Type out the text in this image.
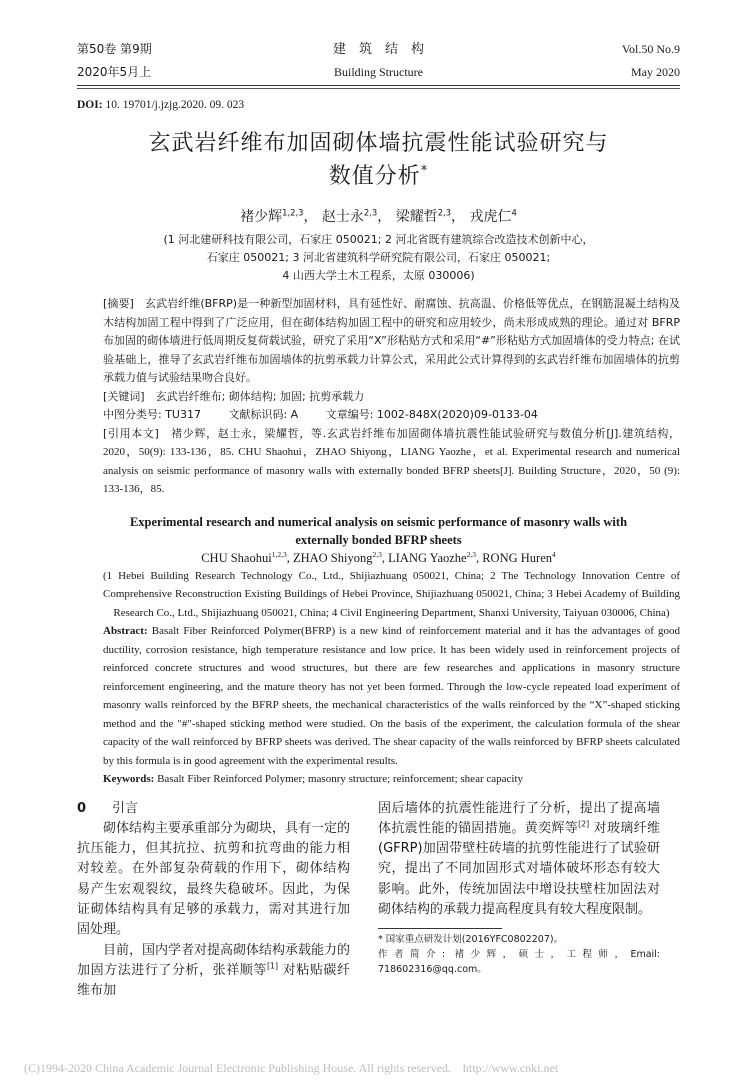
第50卷 第9期	建　筑　结　构	Vol.50 No.9
2020年5月上	Building Structure	May 2020
DOI: 10. 19701/j.jzjg.2020. 09. 023
玄武岩纤维布加固砌体墙抗震性能试验研究与
数值分析*
褚少辉$^{1,2,3}$， 赵士永$^{2,3}$， 梁耀哲$^{2,3}$， 戎虎仁$^4$
(1 河北建研科技有限公司，石家庄 050021; 2 河北省既有建筑综合改造技术创新中心，
石家庄 050021; 3 河北省建筑科学研究院有限公司，石家庄 050021;
4 山西大学土木工程系，太原 030006)
[摘要]　玄武岩纤维(BFRP)是一种新型加固材料，具有延性好、耐腐蚀、抗高温、价格低等优点，在钢筋混凝土结构及木结构加固工程中得到了广泛应用，但在砌体结构加固工程中的研究和应用较少，尚未形成成熟的理论。通过对 BFRP 布加固的砌体墙进行低周期反复荷载试验，研究了采用“X”形粘贴方式和采用“#”形粘贴方式加固墙体的受力特点; 在试验基础上，推导了玄武岩纤维布加固墙体的抗剪承载力计算公式，采用此公式计算得到的玄武岩纤维布加固墙体的抗剪承载力值与试验结果吻合良好。
[关键词]　玄武岩纤维布; 砌体结构; 加固; 抗剪承载力
中图分类号: TU317	文献标识码: A	文章编号: 1002-848X(2020)09-0133-04
[引用本文]　褚少辉，赵士永，梁耀哲，等.玄武岩纤维布加固砌体墙抗震性能试验研究与数值分析[J].建筑结构， 2020，50(9): 133-136，85. CHU Shaohui，ZHAO Shiyong，LIANG Yaozhe，et al. Experimental research and numerical analysis on seismic performance of masonry walls with externally bonded BFRP sheets[J]. Building Structure，2020，50 (9): 133-136，85.
Experimental research and numerical analysis on seismic performance of masonry walls with
externally bonded BFRP sheets
CHU Shaohui$^{1,2,3}$, ZHAO Shiyong$^{2,3}$, LIANG Yaozhe$^{2,3}$, RONG Huren$^4$
(1 Hebei Building Research Technology Co., Ltd., Shijiazhuang 050021, China; 2 The Technology Innovation Centre of Comprehensive Reconstruction Existing Buildings of Hebei Province, Shijiazhuang 050021, China; 3 Hebei Academy of Building Research Co., Ltd., Shijiazhuang 050021, China; 4 Civil Engineering Department, Shanxi University, Taiyuan 030006, China)
Abstract: Basalt Fiber Reinforced Polymer(BFRP) is a new kind of reinforcement material and it has the advantages of good ductility, corrosion resistance, high temperature resistance and low price. It has been widely used in reinforcement projects of reinforced concrete structures and wood structures, but there are few researches and applications in masonry structure reinforcement engineering, and the mature theory has not yet been formed. Through the low-cycle repeated load experiment of masonry walls reinforced by the BFRP sheets, the mechanical characteristics of the walls reinforced by the “X”-shaped sticking method and the "#"-shaped sticking method were studied. On the basis of the experiment, the calculation formula of the shear capacity of the wall reinforced by BFRP sheets was derived. The shear capacity of the walls reinforced by BFRP sheets calculated by this formula is in good agreement with the experimental results.
Keywords: Basalt Fiber Reinforced Polymer; masonry structure; reinforcement; shear capacity
0 引言
砌体结构主要承重部分为砌块，具有一定的抗压能力，但其抗拉、抗剪和抗弯曲的能力相对较差。在外部复杂荷载的作用下，砌体结构易产生宏观裂纹，最终失稳破坏。因此，为保证砌体结构具有足够的承载力，需对其进行加固处理。
目前，国内学者对提高砌体结构承载能力的加固方法进行了分析，张祥顺等[1] 对粘贴碳纤维布加
固后墙体的抗震性能进行了分析，提出了提高墙体抗震性能的锚固措施。黄奕辉等[2] 对玻璃纤维(GFRP)加固带壁柱砖墙的抗剪性能进行了试验研究，提出了不同加固形式对墙体破坏形态有较大影响。此外，传统加固法中增设扶壁柱加固法对砌体结构的承载力提高程度具有较大程度限制。
* 国家重点研发计划(2016YFC0802207)。
作者简介: 褚少辉，硕士，工程师，Email: 718602316@qq.com。
(C)1994-2020 China Academic Journal Electronic Publishing House. All rights reserved.    http://www.cnki.net
